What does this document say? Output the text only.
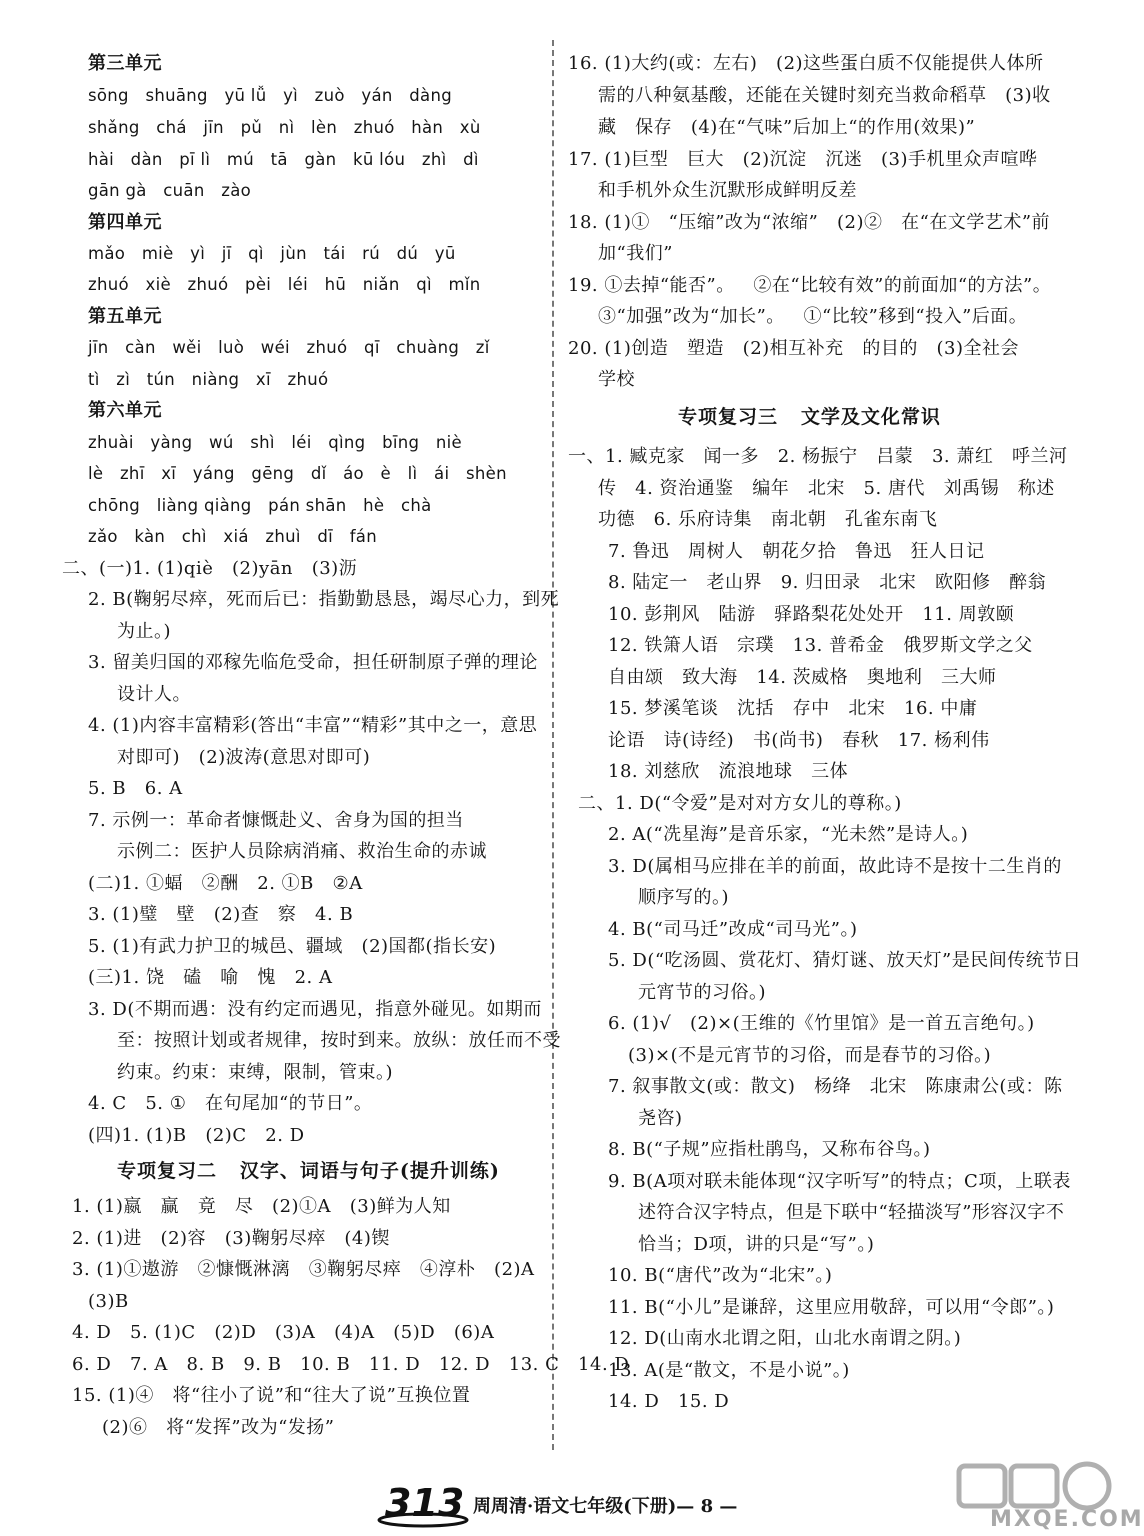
第三单元
sōng   shuāng   yū lǚ   yì   zuò   yán   dàng
shǎng   chá   jīn   pǔ   nì   lèn   zhuó   hàn   xù
hài   dàn   pī lì   mú   tā   gàn   kū lóu   zhì   dì
gān gà   cuān   zào
第四单元
mǎo   miè   yì   jī   qì   jùn   tái   rú   dú   yū
zhuó   xiè   zhuó   pèi   léi   hū   niǎn   qì   mǐn
第五单元
jīn   càn   wěi   luò   wéi   zhuó   qī   chuàng   zǐ
tì   zì   tún   niàng   xī   zhuó
第六单元
zhuài   yàng   wú   shì   léi   qìng   bīng   niè
lè   zhī   xī   yáng   gēng   dǐ   áo   è   lì   ái   shèn
chōng   liàng qiàng   pán shān   hè   chà
zǎo   kàn   chì   xiá   zhuì   dī   fán
二、(一)1. (1)qiè   (2)yān   (3)沥
2. B(鞠躬尽瘁，死而后已：指勤勤恳恳，竭尽心力，到死
为止。)
3. 留美归国的邓稼先临危受命，担任研制原子弹的理论
设计人。
4. (1)内容丰富精彩(答出“丰富”“精彩”其中之一，意思
对即可)   (2)波涛(意思对即可)
5. B   6. A
7. 示例一：革命者慷慨赴义、舍身为国的担当
示例二：医护人员除病消痛、救治生命的赤诚
(二)1. ①蝠   ②酬   2. ①B   ②A
3. (1)璧   壁   (2)查   察   4. B
5. (1)有武力护卫的城邑、疆域   (2)国都(指长安)
(三)1. 饶   磕   喻   愧   2. A
3. D(不期而遇：没有约定而遇见，指意外碰见。如期而
至：按照计划或者规律，按时到来。放纵：放任而不受
约束。约束：束缚，限制，管束。)
4. C   5. ①   在句尾加“的节日”。
(四)1. (1)B   (2)C   2. D
专项复习二   汉字、词语与句子(提升训练)
1. (1)嬴   赢   竟   尽   (2)①A   (3)鲜为人知
2. (1)进   (2)容   (3)鞠躬尽瘁   (4)锲
3. (1)①遨游   ②慷慨淋漓   ③鞠躬尽瘁   ④淳朴   (2)A
(3)B
4. D   5. (1)C   (2)D   (3)A   (4)A   (5)D   (6)A
6. D   7. A   8. B   9. B   10. B   11. D   12. D   13. C   14. D
15. (1)④   将“往小了说”和“往大了说”互换位置
(2)⑥   将“发挥”改为“发扬”
16. (1)大约(或：左右)   (2)这些蛋白质不仅能提供人体所
需的八种氨基酸，还能在关键时刻充当救命稻草   (3)收
藏   保存   (4)在“气味”后加上“的作用(效果)”
17. (1)巨型   巨大   (2)沉淀   沉迷   (3)手机里众声喧哗
和手机外众生沉默形成鲜明反差
18. (1)①   “压缩”改为“浓缩”   (2)②   在“在文学艺术”前
加“我们”
19. ①去掉“能否”。   ②在“比较有效”的前面加“的方法”。
③“加强”改为“加长”。   ①“比较”移到“投入”后面。
20. (1)创造   塑造   (2)相互补充   的目的   (3)全社会
学校
专项复习三   文学及文化常识
一、1. 臧克家   闻一多   2. 杨振宁   吕蒙   3. 萧红   呼兰河
传   4. 资治通鉴   编年   北宋   5. 唐代   刘禹锡   称述
功德   6. 乐府诗集   南北朝   孔雀东南飞
7. 鲁迅   周树人   朝花夕拾   鲁迅   狂人日记
8. 陆定一   老山界   9. 归田录   北宋   欧阳修   醉翁
10. 彭荆风   陆游   驿路梨花处处开   11. 周敦颐
12. 铁箫人语   宗璞   13. 普希金   俄罗斯文学之父
自由颂   致大海   14. 茨威格   奥地利   三大师
15. 梦溪笔谈   沈括   存中   北宋   16. 中庸
论语   诗(诗经)   书(尚书)   春秋   17. 杨利伟
18. 刘慈欣   流浪地球   三体
二、1. D(“令爱”是对对方女儿的尊称。)
2. A(“冼星海”是音乐家，“光未然”是诗人。)
3. D(属相马应排在羊的前面，故此诗不是按十二生肖的
顺序写的。)
4. B(“司马迁”改成“司马光”。)
5. D(“吃汤圆、赏花灯、猜灯谜、放天灯”是民间传统节日
元宵节的习俗。)
6. (1)√   (2)×(王维的《竹里馆》是一首五言绝句。)
(3)×(不是元宵节的习俗，而是春节的习俗。)
7. 叙事散文(或：散文)   杨绛   北宋   陈康肃公(或：陈
尧咨)
8. B(“子规”应指杜鹃鸟，又称布谷鸟。)
9. B(A项对联未能体现“汉字听写”的特点；C项，上联表
述符合汉字特点，但是下联中“轻描淡写”形容汉字不
恰当；D项，讲的只是“写”。)
10. B(“唐代”改为“北宋”。)
11. B(“小儿”是谦辞，这里应用敬辞，可以用“令郎”。)
12. D(山南水北谓之阳，山北水南谓之阴。)
13. A(是“散文，不是小说”。)
14. D   15. D
313 周周清·语文七年级(下册)— 8 —
MXQE.COM
